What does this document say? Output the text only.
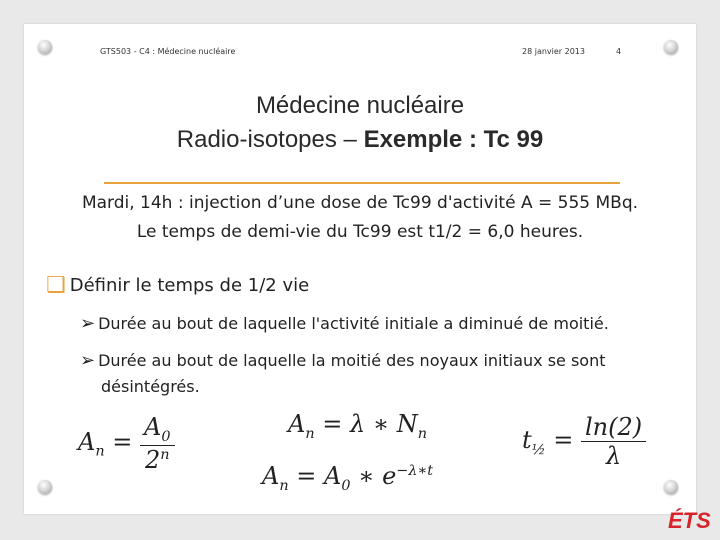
GTS503 - C4 : Médecine nucléaire	28 janvier 2013	4
Médecine nucléaire
Radio-isotopes – Exemple : Tc 99
Mardi, 14h : injection d’une dose de Tc99 d'activité A = 555 MBq.
Le temps de demi-vie du Tc99 est t1/2 = 6,0 heures.
❑ Définir le temps de 1/2 vie
➢ Durée au bout de laquelle l'activité initiale a diminué de moitié.
➢ Durée au bout de laquelle la moitié des noyaux initiaux se sont
désintégrés.
$A_n = \frac{A_0}{2^n}$	$A_n = \lambda$ ∗ $N_n$
$A_n = A_0$ ∗ $e^{-\lambda∗t}$
$t_{\frac{1}{2}} = \frac{\ln(2)}{\lambda}$
ÉTS
